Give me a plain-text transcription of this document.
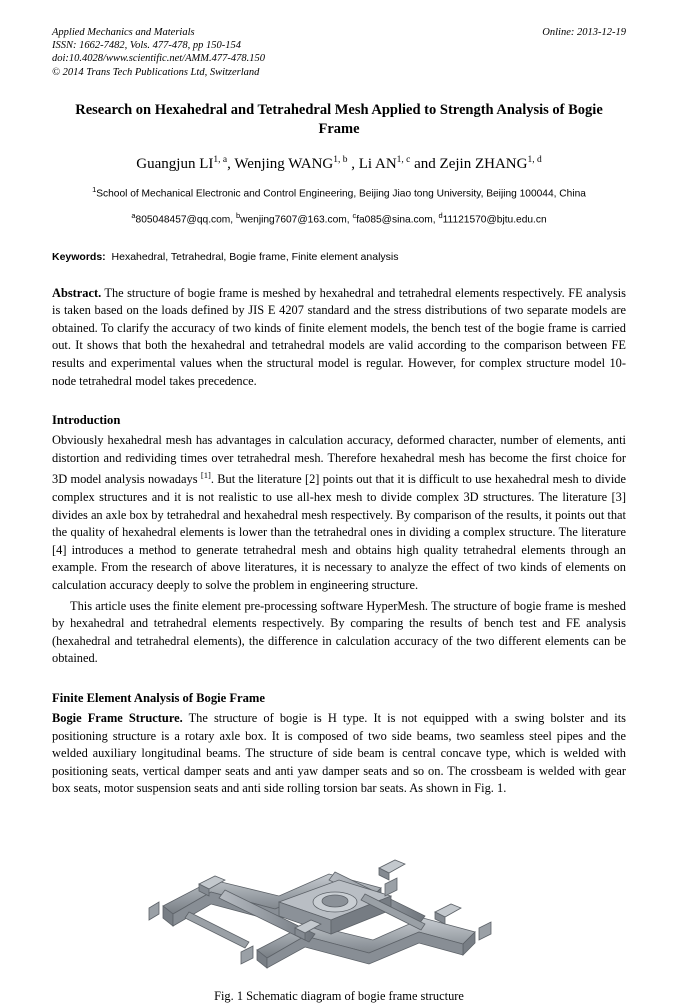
Applied Mechanics and Materials
ISSN: 1662-7482, Vols. 477-478, pp 150-154
doi:10.4028/www.scientific.net/AMM.477-478.150
© 2014 Trans Tech Publications Ltd, Switzerland
Online: 2013-12-19
Research on Hexahedral and Tetrahedral Mesh Applied to Strength Analysis of Bogie Frame
Guangjun LI$^{1, a}$, Wenjing WANG$^{1, b}$ , Li AN$^{1, c}$ and Zejin ZHANG$^{1, d}$
$^1$School of Mechanical Electronic and Control Engineering, Beijing Jiao tong University, Beijing 100044, China
$^a$805048457@qq.com, $^b$wenjing7607@163.com, $^c$fa085@sina.com, $^d$11121570@bjtu.edu.cn
Keywords: Hexahedral, Tetrahedral, Bogie frame, Finite element analysis
Abstract. The structure of bogie frame is meshed by hexahedral and tetrahedral elements respectively. FE analysis is taken based on the loads defined by JIS E 4207 standard and the stress distributions of two separate models are obtained. To clarify the accuracy of two kinds of finite element models, the bench test of the bogie frame is carried out. It shows that both the hexahedral and tetrahedral models are valid according to the comparison between FE results and experimental values when the structural model is regular. However, for complex structure model 10-node tetrahedral model takes precedence.
Introduction

Obviously hexahedral mesh has advantages in calculation accuracy, deformed character, number of elements, anti distortion and redividing times over tetrahedral mesh. Therefore hexahedral mesh has become the first choice for 3D model analysis nowadays [1]. But the literature [2] points out that it is difficult to use hexahedral mesh to divide complex structures and it is not realistic to use all-hex mesh to divide complex 3D structures. The literature [3] divides an axle box by tetrahedral and hexahedral mesh respectively. By comparison of the results, it points out that the quality of hexahedral elements is lower than the tetrahedral ones in dividing a complex structure. The literature [4] introduces a method to generate tetrahedral mesh and obtains high quality tetrahedral elements through an example. From the research of above literatures, it is necessary to analyze the effect of two kinds of elements on calculation accuracy deeply to solve the problem in engineering structure.

This article uses the finite element pre-processing software HyperMesh. The structure of bogie frame is meshed by hexahedral and tetrahedral elements respectively. By comparing the results of bench test and FE analysis (hexahedral and tetrahedral elements), the difference in calculation accuracy of the two different elements can be obtained.

Finite Element Analysis of Bogie Frame

Bogie Frame Structure. The structure of bogie is H type. It is not equipped with a swing bolster and its positioning structure is a rotary axle box. It is composed of two side beams, two seamless steel pipes and the welded auxiliary longitudinal beams. The structure of side beam is central concave type, which is welded with positioning seats, vertical damper seats and anti yaw damper seats and so on. The crossbeam is welded with gear box seats, motor suspension seats and anti side rolling torsion bar seats. As shown in Fig. 1.

Fig. 1 Schematic diagram of bogie frame structure
